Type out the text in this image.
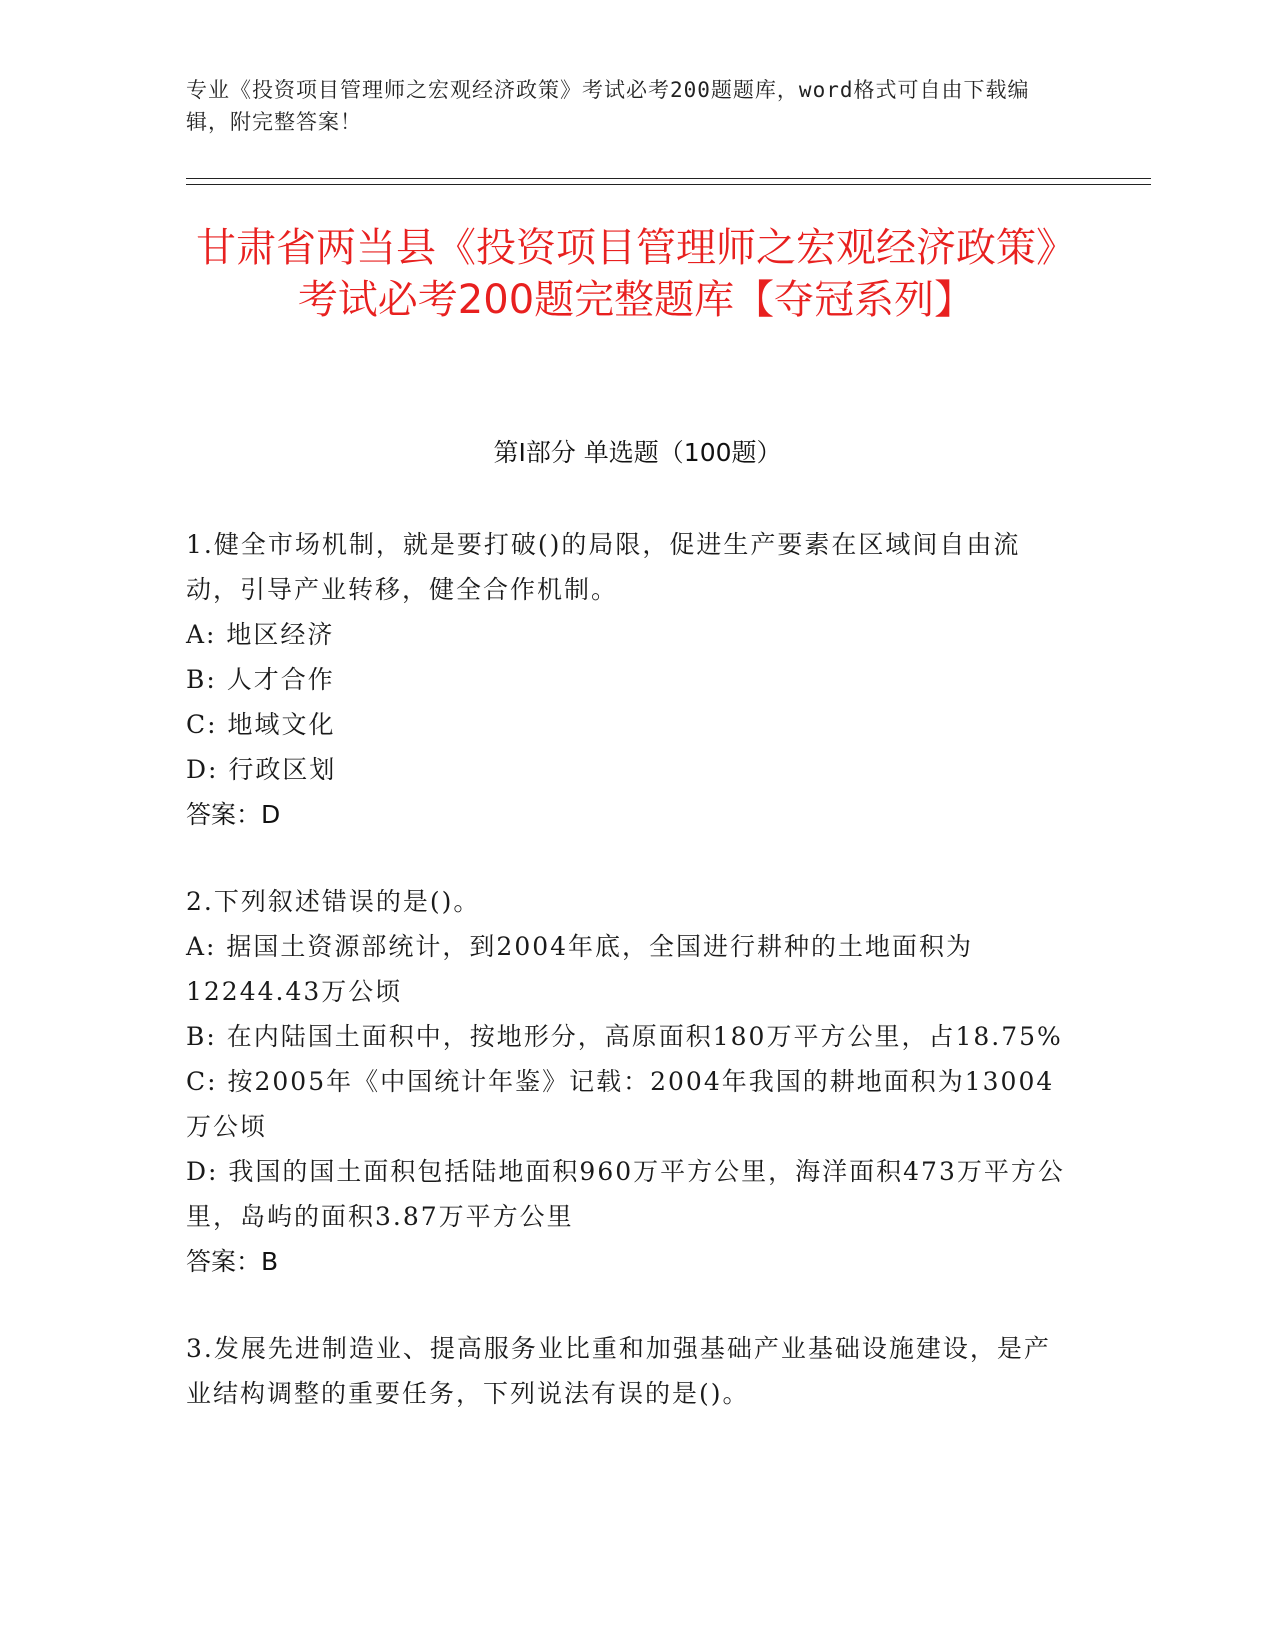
专业《投资项目管理师之宏观经济政策》考试必考200题题库，word格式可自由下载编辑，附完整答案！

甘肃省两当县《投资项目管理师之宏观经济政策》考试必考200题完整题库【夺冠系列】
第Ⅰ部分 单选题（100题）

1.健全市场机制，就是要打破()的局限，促进生产要素在区域间自由流动，引导产业转移，健全合作机制。

A: 地区经济

B: 人才合作

C: 地域文化

D: 行政区划

答案：D

2.下列叙述错误的是()。

A: 据国土资源部统计，到2004年底，全国进行耕种的土地面积为12244.43万公顷

B: 在内陆国土面积中，按地形分，高原面积180万平方公里，占18.75%

C: 按2005年《中国统计年鉴》记载：2004年我国的耕地面积为13004万公顷

D: 我国的国土面积包括陆地面积960万平方公里，海洋面积473万平方公里，岛屿的面积3.87万平方公里

答案：B

3.发展先进制造业、提高服务业比重和加强基础产业基础设施建设，是产业结构调整的重要任务，下列说法有误的是()。
